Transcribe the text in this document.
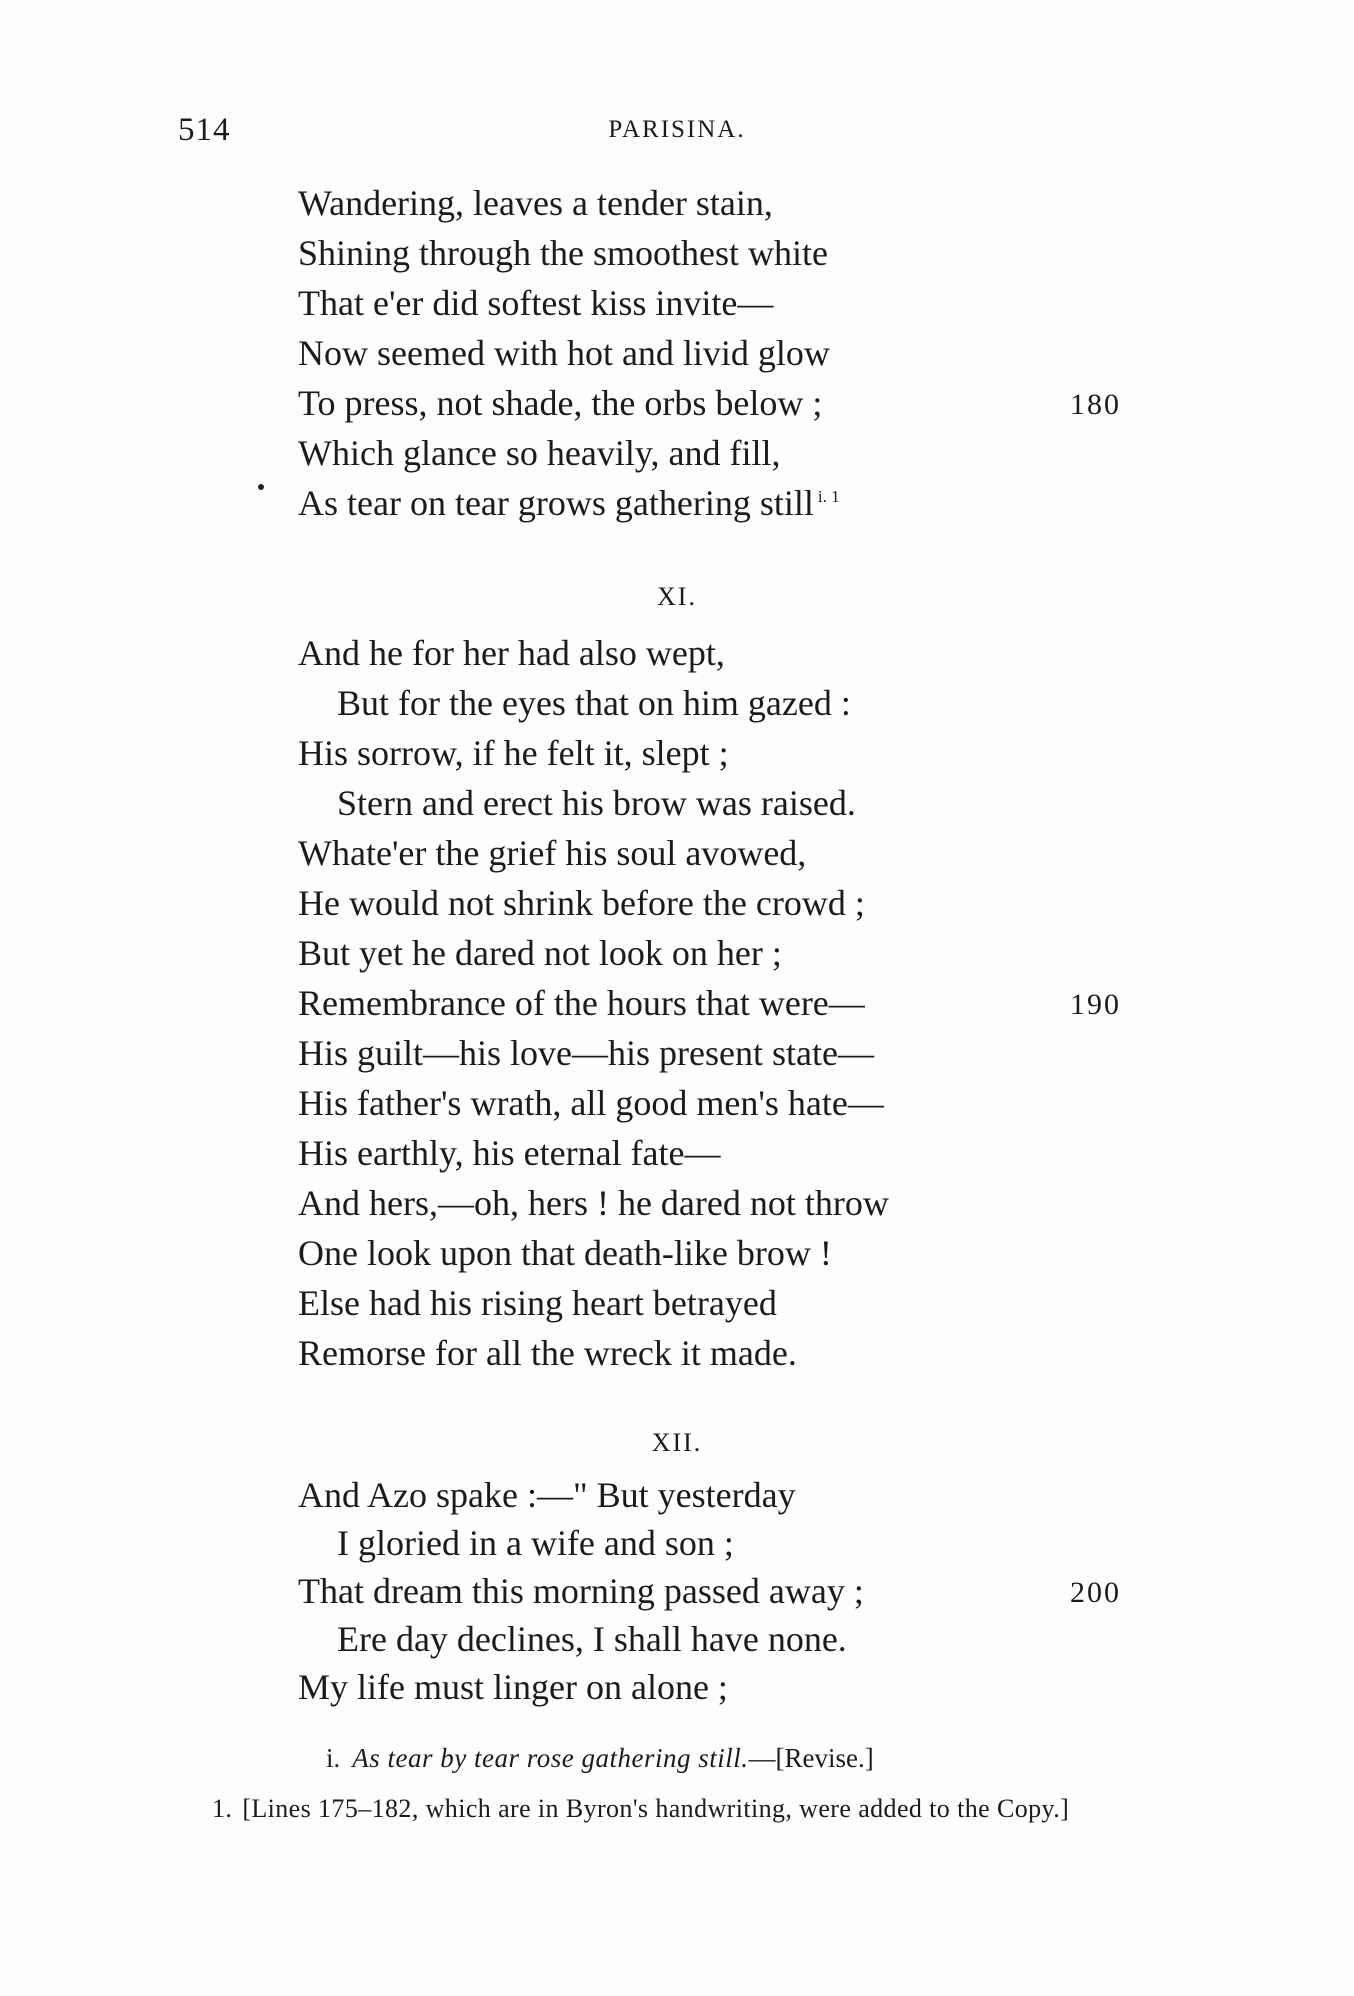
514	PARISINA.
Wandering, leaves a tender stain,
Shining through the smoothest white
That e'er did softest kiss invite—
Now seemed with hot and livid glow
To press, not shade, the orbs below ;	180
Which glance so heavily, and fill,
As tear on tear grows gathering still $^{i. 1}$
XI.
And he for her had also wept,
But for the eyes that on him gazed :
His sorrow, if he felt it, slept ;
Stern and erect his brow was raised.
Whate'er the grief his soul avowed,
He would not shrink before the crowd ;
But yet he dared not look on her ;
Remembrance of the hours that were—	190
His guilt—his love—his present state—
His father's wrath, all good men's hate—
His earthly, his eternal fate—
And hers,—oh, hers ! he dared not throw
One look upon that death-like brow !
Else had his rising heart betrayed
Remorse for all the wreck it made.
XII.
And Azo spake :—" But yesterday
I gloried in a wife and son ;
That dream this morning passed away ;	200
Ere day declines, I shall have none.
My life must linger on alone ;
i. As tear by tear rose gathering still.—[Revise.]
1. [Lines 175–182, which are in Byron's handwriting, were added to the Copy.]
